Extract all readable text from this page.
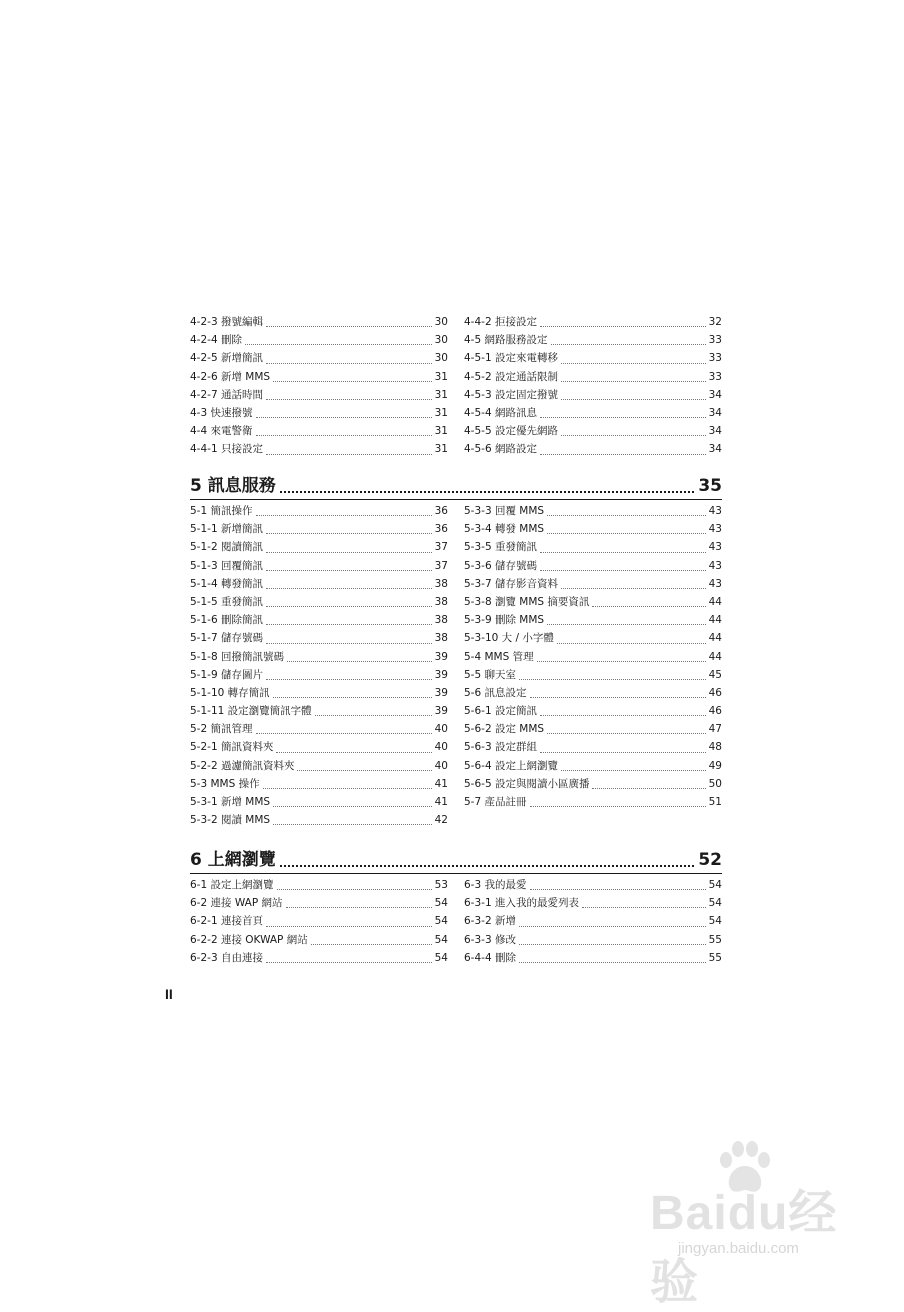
4-2-3 撥號編輯	30
4-2-4 刪除	30
4-2-5 新增簡訊	30
4-2-6 新增 MMS	31
4-2-7 通話時間	31
4-3 快速撥號	31
4-4 來電警衛	31
4-4-1 只接設定	31
4-4-2 拒接設定	32
4-5 網路服務設定	33
4-5-1 設定來電轉移	33
4-5-2 設定通話限制	33
4-5-3 設定固定撥號	34
4-5-4 網路訊息	34
4-5-5 設定優先網路	34
4-5-6 網路設定	34
5 訊息服務	35
5-1 簡訊操作	36
5-1-1 新增簡訊	36
5-1-2 閱讀簡訊	37
5-1-3 回覆簡訊	37
5-1-4 轉發簡訊	38
5-1-5 重發簡訊	38
5-1-6 刪除簡訊	38
5-1-7 儲存號碼	38
5-1-8 回撥簡訊號碼	39
5-1-9 儲存圖片	39
5-1-10 轉存簡訊	39
5-1-11 設定瀏覽簡訊字體	39
5-2 簡訊管理	40
5-2-1 簡訊資料夾	40
5-2-2 過濾簡訊資料夾	40
5-3 MMS 操作	41
5-3-1 新增 MMS	41
5-3-2 閱讀 MMS	42
5-3-3 回覆 MMS	43
5-3-4 轉發 MMS	43
5-3-5 重發簡訊	43
5-3-6 儲存號碼	43
5-3-7 儲存影音資料	43
5-3-8 瀏覽 MMS 摘要資訊	44
5-3-9 刪除 MMS	44
5-3-10 大 / 小字體	44
5-4 MMS 管理	44
5-5 聊天室	45
5-6 訊息設定	46
5-6-1 設定簡訊	46
5-6-2 設定 MMS	47
5-6-3 設定群組	48
5-6-4 設定上網瀏覽	49
5-6-5 設定與閱讀小區廣播	50
5-7 產品註冊	51
6 上網瀏覽	52
6-1 設定上網瀏覽	53
6-2 連接 WAP 網站	54
6-2-1 連接首頁	54
6-2-2 連接 OKWAP 網站	54
6-2-3 自由連接	54
6-3 我的最愛	54
6-3-1 進入我的最愛列表	54
6-3-2 新增	54
6-3-3 修改	55
6-4-4 刪除	55
II
Baidu经验
jingyan.baidu.com
